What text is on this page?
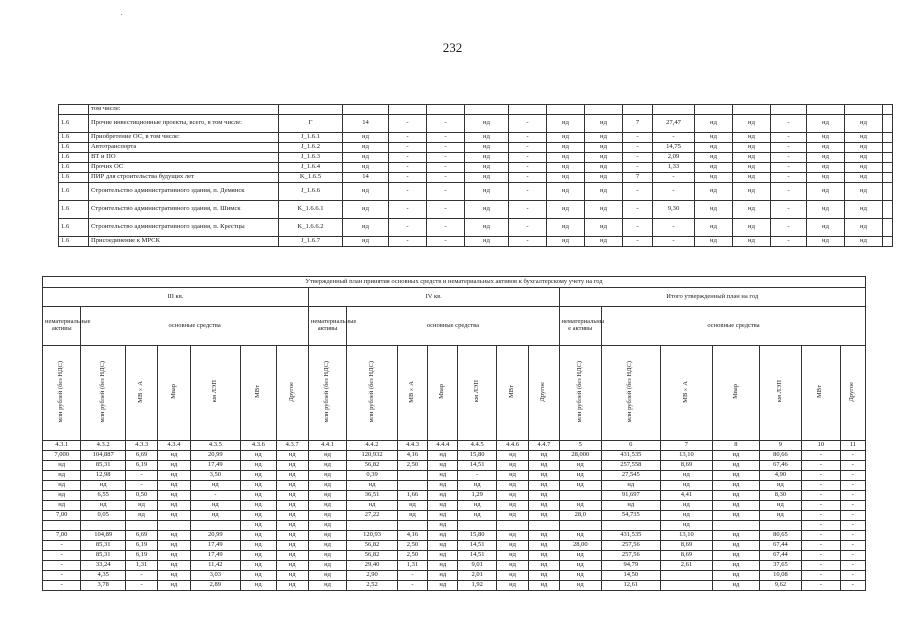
232
	том числе:																
1.6	Прочие инвестиционные проекты, всего, в том числе:	Г	14	-	-	нд	-	нд	нд	7	27,47	нд	нд	-	нд	нд	
1.6	Приобретение ОС, в том числе:	J_1.6.1	нд	-	-	нд	-	нд	нд	-	-	нд	нд	-	нд	нд	
1.6	Автотранспорта	J_1.6.2	нд	-	-	нд	-	нд	нд	-	14,75	нд	нд	-	нд	нд	
1.6	ВТ и ПО	J_1.6.3	нд	-	-	нд	-	нд	нд	-	2,09	нд	нд	-	нд	нд	
1.6	Прочих ОС	J_1.6.4	нд	-	-	нд	-	нд	нд	-	1,33	нд	нд	-	нд	нд	
1.6	ПИР для строительства будущих лет	K_1.6.5	14	-	-	нд	-	нд	нд	7	-	нд	нд	-	нд	нд	
1.6	Строительство административного здания, п. Демянск	J_1.6.6	нд	-	-	нд	-	нд	нд	-	-	нд	нд	-	нд	нд	
1.6	Строительство административного здания, п. Шимск	K_1.6.6.1	нд	-	-	нд	-	нд	нд	-	9,30	нд	нд	-	нд	нд	
1.6	Строительство административного здания, п. Крестцы	K_1.6.6.2	нд	-	-	нд	-	нд	нд	-	-	нд	нд	-	нд	нд	
1.6	Присоединение к МРСК	J_1.6.7	нд	-	-	нд	-	нд	нд	-	-	нд	нд	-	нд	нд	
Утвержденный план принятия основных средств и нематериальных активов к бухгалтерскому учету на год																				
III кв.							IV кв.							Итого утвержденный план на год						
нематериальные активы	основные средства						нематериальные активы	основные средства						нематериальны е активы	основные средства					
млн рублей (без НДС)	млн рублей (без НДС)	МВ×А	Мвар	км ЛЭП	МВт	Другое	млн рублей (без НДС)	млн рублей (без НДС)	МВ×А	Мвар	км ЛЭП	МВт	Другое	млн рублей (без НДС)	млн рублей (без НДС)	МВ×А	Мвар	км ЛЭП	МВт	Другое
4.3.1	4.3.2	4.3.3	4.3.4	4.3.5	4.3.6	4.3.7	4.4.1	4.4.2	4.4.3	4.4.4	4.4.5	4.4.6	4.4.7	5	6	7	8	9	10	11
7,000	104,887	6,69	нд	20,99	нд	нд	нд	120,932	4,16	нд	15,80	нд	нд	28,000	431,535	13,10	нд	80,66	-	-
нд	85,31	6,19	нд	17,49	нд	нд	нд	56,82	2,50	нд	14,51	нд	нд	нд	257,558	8,69	нд	67,46	-	-
нд	12,98	-	нд	3,50	нд	нд	нд	0,39		нд	-	нд	нд	нд	27,545	нд	нд	4,90	-	-
нд	нд	-	нд	нд	нд	нд	нд	нд		нд	нд	нд	нд	нд	нд	нд	нд	нд	-	-
нд	6,55	0,50	нд	-	нд	нд	нд	36,51	1,66	нд	1,29	нд	нд		91,697	4,41	нд	8,30	-	-
нд	нд	нд	нд	нд	нд	нд	нд	нд	нд	нд	нд	нд	нд	нд	нд	нд	нд	нд	-	-
7,00	0,05	нд	нд	нд	нд	нд	нд	27,22	нд	нд	нд	нд	нд	28,0	54,735	нд	нд	нд	-	-
					нд	нд	нд			нд						нд			-	-
7,00	104,89	6,69	нд	20,99	нд	нд	нд	120,93	4,16	нд	15,80	нд	нд	нд	431,535	13,10	нд	80,65	-	-
-	85,31	6,19	нд	17,49	нд	нд	нд	56,82	2,50	нд	14,51	нд	нд	28,00	257,56	8,69	нд	67,44	-	-
-	85,31	6,19	нд	17,49	нд	нд	нд	56,82	2,50	нд	14,51	нд	нд	нд	257,56	8,69	нд	67,44	-	-
-	33,24	1,31	нд	11,42	нд	нд	нд	29,40	1,31	нд	9,01	нд	нд	нд	94,79	2,61	нд	37,65	-	-
-	4,35	-	нд	3,03	нд	нд	нд	2,90	-	нд	2,01	нд	нд	нд	14,50		нд	10,08	-	-
-	3,78	-	нд	2,89	нд	нд	нд	2,52	-	нд	1,92	нд	нд	нд	12,61		нд	9,62	-	-
